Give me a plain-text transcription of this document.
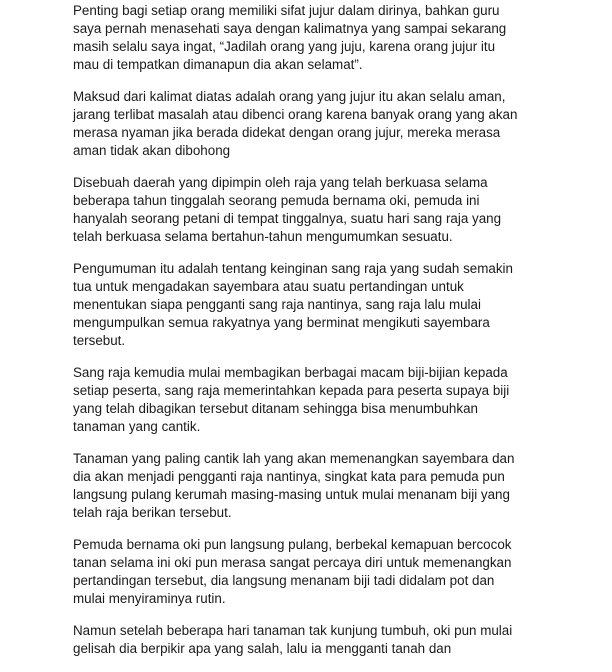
Penting bagi setiap orang memiliki sifat jujur dalam dirinya, bahkan guru
saya pernah menasehati saya dengan kalimatnya yang sampai sekarang
masih selalu saya ingat, “Jadilah orang yang juju, karena orang jujur itu
mau di tempatkan dimanapun dia akan selamat”.

Maksud dari kalimat diatas adalah orang yang jujur itu akan selalu aman,
jarang terlibat masalah atau dibenci orang karena banyak orang yang akan
merasa nyaman jika berada didekat dengan orang jujur, mereka merasa
aman tidak akan dibohong

Disebuah daerah yang dipimpin oleh raja yang telah berkuasa selama
beberapa tahun tinggalah seorang pemuda bernama oki, pemuda ini
hanyalah seorang petani di tempat tinggalnya, suatu hari sang raja yang
telah berkuasa selama bertahun-tahun mengumumkan sesuatu.

Pengumuman itu adalah tentang keinginan sang raja yang sudah semakin
tua untuk mengadakan sayembara atau suatu pertandingan untuk
menentukan siapa pengganti sang raja nantinya, sang raja lalu mulai
mengumpulkan semua rakyatnya yang berminat mengikuti sayembara
tersebut.

Sang raja kemudia mulai membagikan berbagai macam biji-bijian kepada
setiap peserta, sang raja memerintahkan kepada para peserta supaya biji
yang telah dibagikan tersebut ditanam sehingga bisa menumbuhkan
tanaman yang cantik.

Tanaman yang paling cantik lah yang akan memenangkan sayembara dan
dia akan menjadi pengganti raja nantinya, singkat kata para pemuda pun
langsung pulang kerumah masing-masing untuk mulai menanam biji yang
telah raja berikan tersebut.

Pemuda bernama oki pun langsung pulang, berbekal kemapuan bercocok
tanan selama ini oki pun merasa sangat percaya diri untuk memenangkan
pertandingan tersebut, dia langsung menanam biji tadi didalam pot dan
mulai menyiraminya rutin.

Namun setelah beberapa hari tanaman tak kunjung tumbuh, oki pun mulai
gelisah dia berpikir apa yang salah, lalu ia mengganti tanah dan
